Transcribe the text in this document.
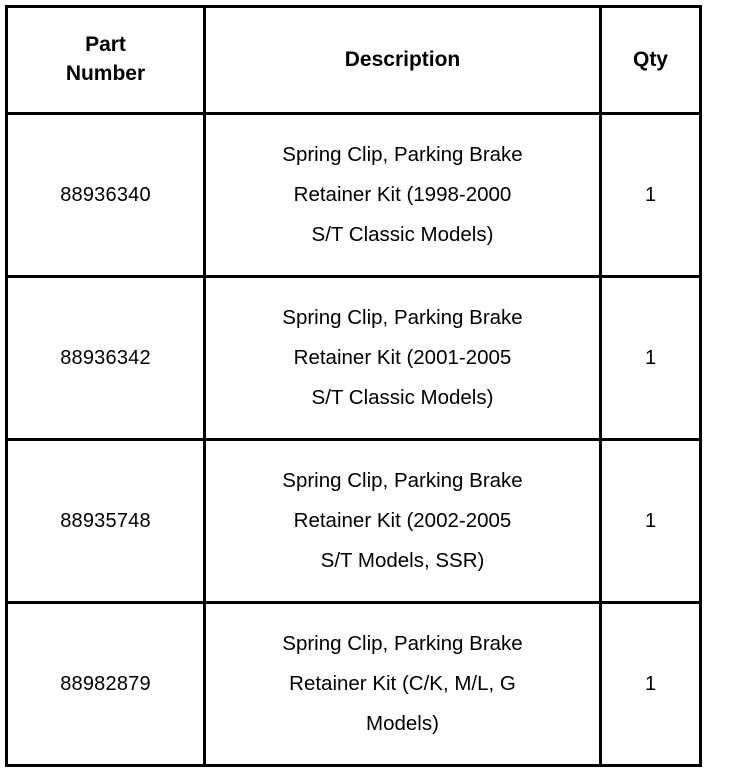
Part
Number	Description	Qty
88936340	Spring Clip, Parking Brake
Retainer Kit (1998-2000
S/T Classic Models)	1
88936342	Spring Clip, Parking Brake
Retainer Kit (2001-2005
S/T Classic Models)	1
88935748	Spring Clip, Parking Brake
Retainer Kit (2002-2005
S/T Models, SSR)	1
88982879	Spring Clip, Parking Brake
Retainer Kit (C/K, M/L, G
Models)	1
